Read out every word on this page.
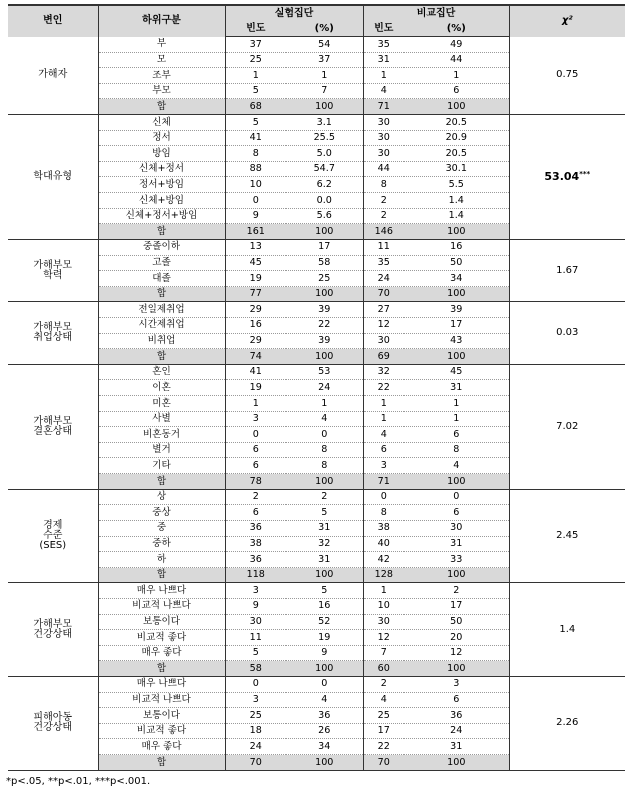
변인	하위구분	실험집단		비교집단		χ²
		빈도	(%)	빈도	(%)	

가해자	부	37	54	35	49	0.75
	모	25	37	31	44	
	조부	1	1	1	1	
	부모	5	7	4	6	
	합	68	100	71	100	

학대유형	신체	5	3.1	30	20.5	53.04***
	정서	41	25.5	30	20.9	
	방임	8	5.0	30	20.5	
	신체+정서	88	54.7	44	30.1	
	정서+방임	10	6.2	8	5.5	
	신체+방임	0	0.0	2	1.4	
	신체+정서+방임	9	5.6	2	1.4	
	합	161	100	146	100	

가해부모
학력	중졸이하	13	17	11	16	1.67
	고졸	45	58	35	50	
	대졸	19	25	24	34	
	합	77	100	70	100	

가해부모
취업상태	전일제취업	29	39	27	39	0.03
	시간제취업	16	22	12	17	
	비취업	29	39	30	43	
	합	74	100	69	100	

가해부모
결혼상태	혼인	41	53	32	45	7.02
	이혼	19	24	22	31	
	미혼	1	1	1	1	
	사별	3	4	1	1	
	비혼동거	0	0	4	6	
	별거	6	8	6	8	
	기타	6	8	3	4	
	합	78	100	71	100	

경제
수준
(SES)	상	2	2	0	0	2.45
	중상	6	5	8	6	
	중	36	31	38	30	
	중하	38	32	40	31	
	하	36	31	42	33	
	합	118	100	128	100	

가해부모
건강상태	매우 나쁘다	3	5	1	2	1.4
	비교적 나쁘다	9	16	10	17	
	보통이다	30	52	30	50	
	비교적 좋다	11	19	12	20	
	매우 좋다	5	9	7	12	
	합	58	100	60	100	

피해아동
건강상태	매우 나쁘다	0	0	2	3	2.26
	비교적 나쁘다	3	4	4	6	
	보통이다	25	36	25	36	
	비교적 좋다	18	26	17	24	
	매우 좋다	24	34	22	31	
	합	70	100	70	100	
*p<.05, **p<.01, ***p<.001.
